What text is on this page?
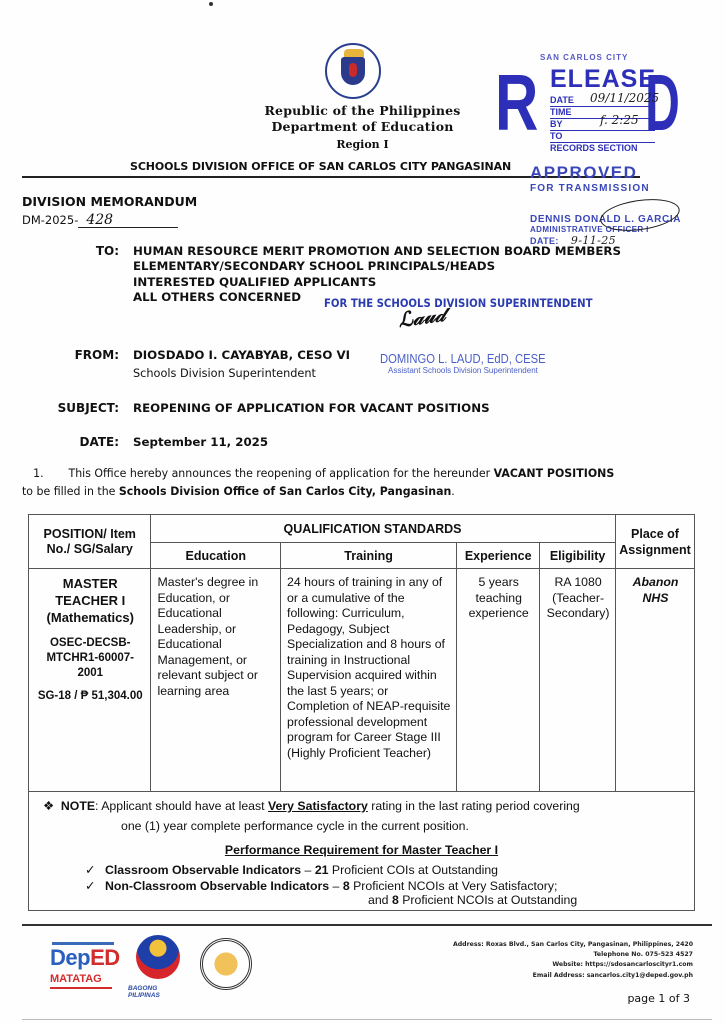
Republic of the Philippines
Department of Education
Region I
SCHOOLS DIVISION OFFICE OF SAN CARLOS CITY PANGASINAN
SAN CARLOS CITY
R ELEASE
D
DATE
TIME
BY
TO
RECORDS SECTION
09/11/2025
f. 2:25
APPROVED
FOR TRANSMISSION
DENNIS DONALD L. GARCIA
ADMINISTRATIVE OFFICER I
DATE: 9-11-25
DIVISION MEMORANDUM
DM-2025- 428
TO: HUMAN RESOURCE MERIT PROMOTION AND SELECTION BOARD MEMBERS
ELEMENTARY/SECONDARY SCHOOL PRINCIPALS/HEADS
INTERESTED QUALIFIED APPLICANTS
ALL OTHERS CONCERNED	FOR THE SCHOOLS DIVISION SUPERINTENDENT
ℒ𝒶𝓊𝒹
FROM: DIOSDADO I. CAYABYAB, CESO VI
Schools Division Superintendent
DOMINGO L. LAUD, EdD, CESE
Assistant Schools Division Superintendent
SUBJECT: REOPENING OF APPLICATION FOR VACANT POSITIONS
DATE: September 11, 2025
1. This Office hereby announces the reopening of application for the hereunder VACANT POSITIONS
to be filled in the Schools Division Office of San Carlos City, Pangasinan.
POSITION/ Item No./ SG/Salary	QUALIFICATION STANDARDS				Place of Assignment
	Education	Training	Experience	Eligibility	

MASTER TEACHER I (Mathematics)
OSEC-DECSB-MTCHR1-60007-2001
SG-18 / ₱ 51,304.00
	Master's degree in Education, or Educational Leadership, or Educational Management, or relevant subject or learning area	24 hours of training in any of or a cumulative of the following: Curriculum, Pedagogy, Subject Specialization and 8 hours of training in Instructional Supervision acquired within the last 5 years; or Completion of NEAP-requisite professional development program for Career Stage III (Highly Proficient Teacher)	5 years teaching experience	RA 1080 (Teacher-Secondary)	Abanon NHS
❖ NOTE: Applicant should have at least Very Satisfactory rating in the last rating period covering
one (1) year complete performance cycle in the current position.
Performance Requirement for Master Teacher I
✓ Classroom Observable Indicators – 21 Proficient COIs at Outstanding
✓ Non-Classroom Observable Indicators – 8 Proficient NCOIs at Very Satisfactory;
and 8 Proficient NCOIs at Outstanding
DepED
MATATAG
BAGONG PILIPINAS
Address: Roxas Blvd., San Carlos City, Pangasinan, Philippines, 2420
Telephone No. 075-523 4527
Website: https://sdosancarloscityr1.com
Email Address: sancarlos.city1@deped.gov.ph
page 1 of 3
